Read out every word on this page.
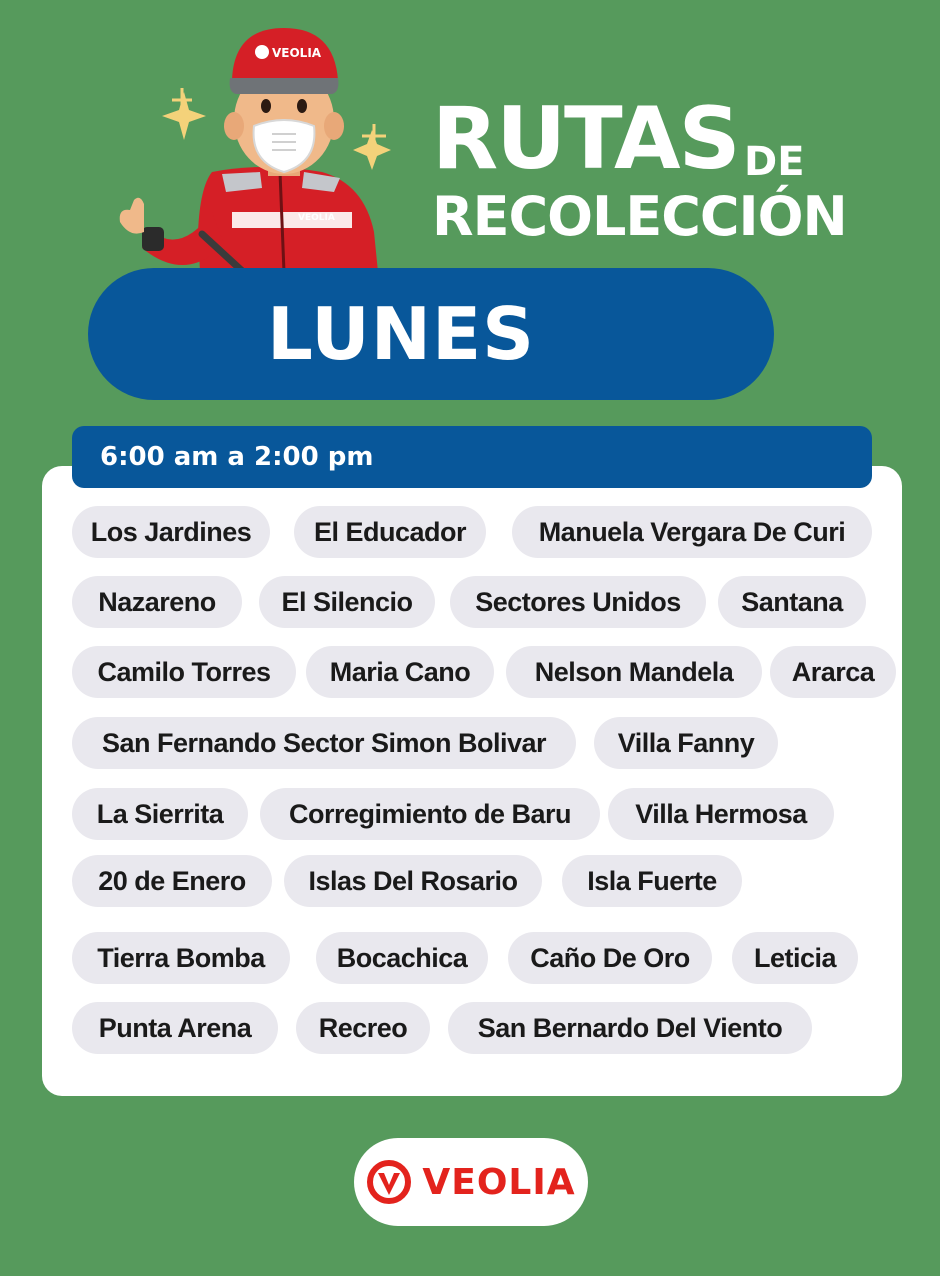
VEOLIA
VEOLIA
RUTAS DE
RECOLECCIÓN
LUNES
6:00 am a 2:00 pm
Los Jardines	El Educador	Manuela Vergara De Curi
Nazareno	El Silencio	Sectores Unidos	Santana
Camilo Torres	Maria Cano	Nelson Mandela	Ararca
San Fernando Sector Simon Bolivar	Villa Fanny
La Sierrita	Corregimiento de Baru	Villa Hermosa
20 de Enero	Islas Del Rosario	Isla Fuerte
Tierra Bomba	Bocachica	Caño De Oro	Leticia
Punta Arena	Recreo	San Bernardo Del Viento
VEOLIA
